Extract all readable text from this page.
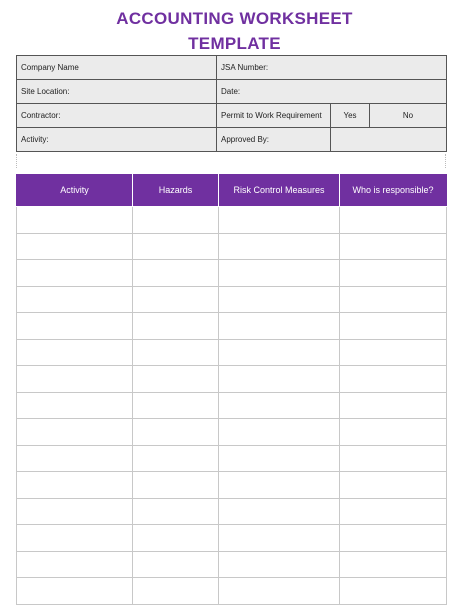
ACCOUNTING WORKSHEET
TEMPLATE
Company Name	JSA Number:		
Site Location:	Date:		
Contractor:	Permit to Work Requirement	Yes	No
Activity:	Approved By:		
Activity	Hazards	Risk Control Measures	Who is responsible?
